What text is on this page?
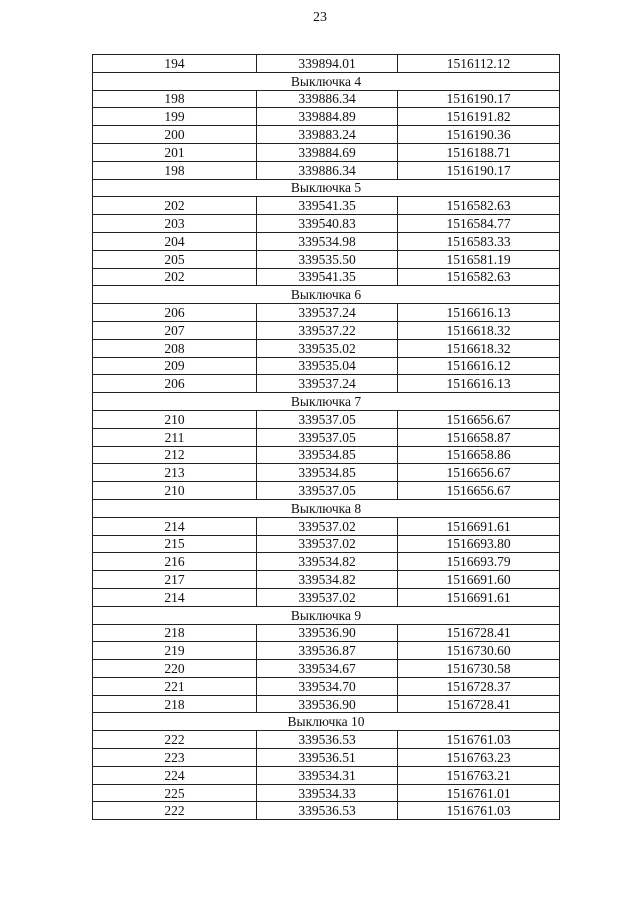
23
194	339894.01	1516112.12
Выключка 4		
198	339886.34	1516190.17
199	339884.89	1516191.82
200	339883.24	1516190.36
201	339884.69	1516188.71
198	339886.34	1516190.17
Выключка 5		
202	339541.35	1516582.63
203	339540.83	1516584.77
204	339534.98	1516583.33
205	339535.50	1516581.19
202	339541.35	1516582.63
Выключка 6		
206	339537.24	1516616.13
207	339537.22	1516618.32
208	339535.02	1516618.32
209	339535.04	1516616.12
206	339537.24	1516616.13
Выключка 7		
210	339537.05	1516656.67
211	339537.05	1516658.87
212	339534.85	1516658.86
213	339534.85	1516656.67
210	339537.05	1516656.67
Выключка 8		
214	339537.02	1516691.61
215	339537.02	1516693.80
216	339534.82	1516693.79
217	339534.82	1516691.60
214	339537.02	1516691.61
Выключка 9		
218	339536.90	1516728.41
219	339536.87	1516730.60
220	339534.67	1516730.58
221	339534.70	1516728.37
218	339536.90	1516728.41
Выключка 10		
222	339536.53	1516761.03
223	339536.51	1516763.23
224	339534.31	1516763.21
225	339534.33	1516761.01
222	339536.53	1516761.03
